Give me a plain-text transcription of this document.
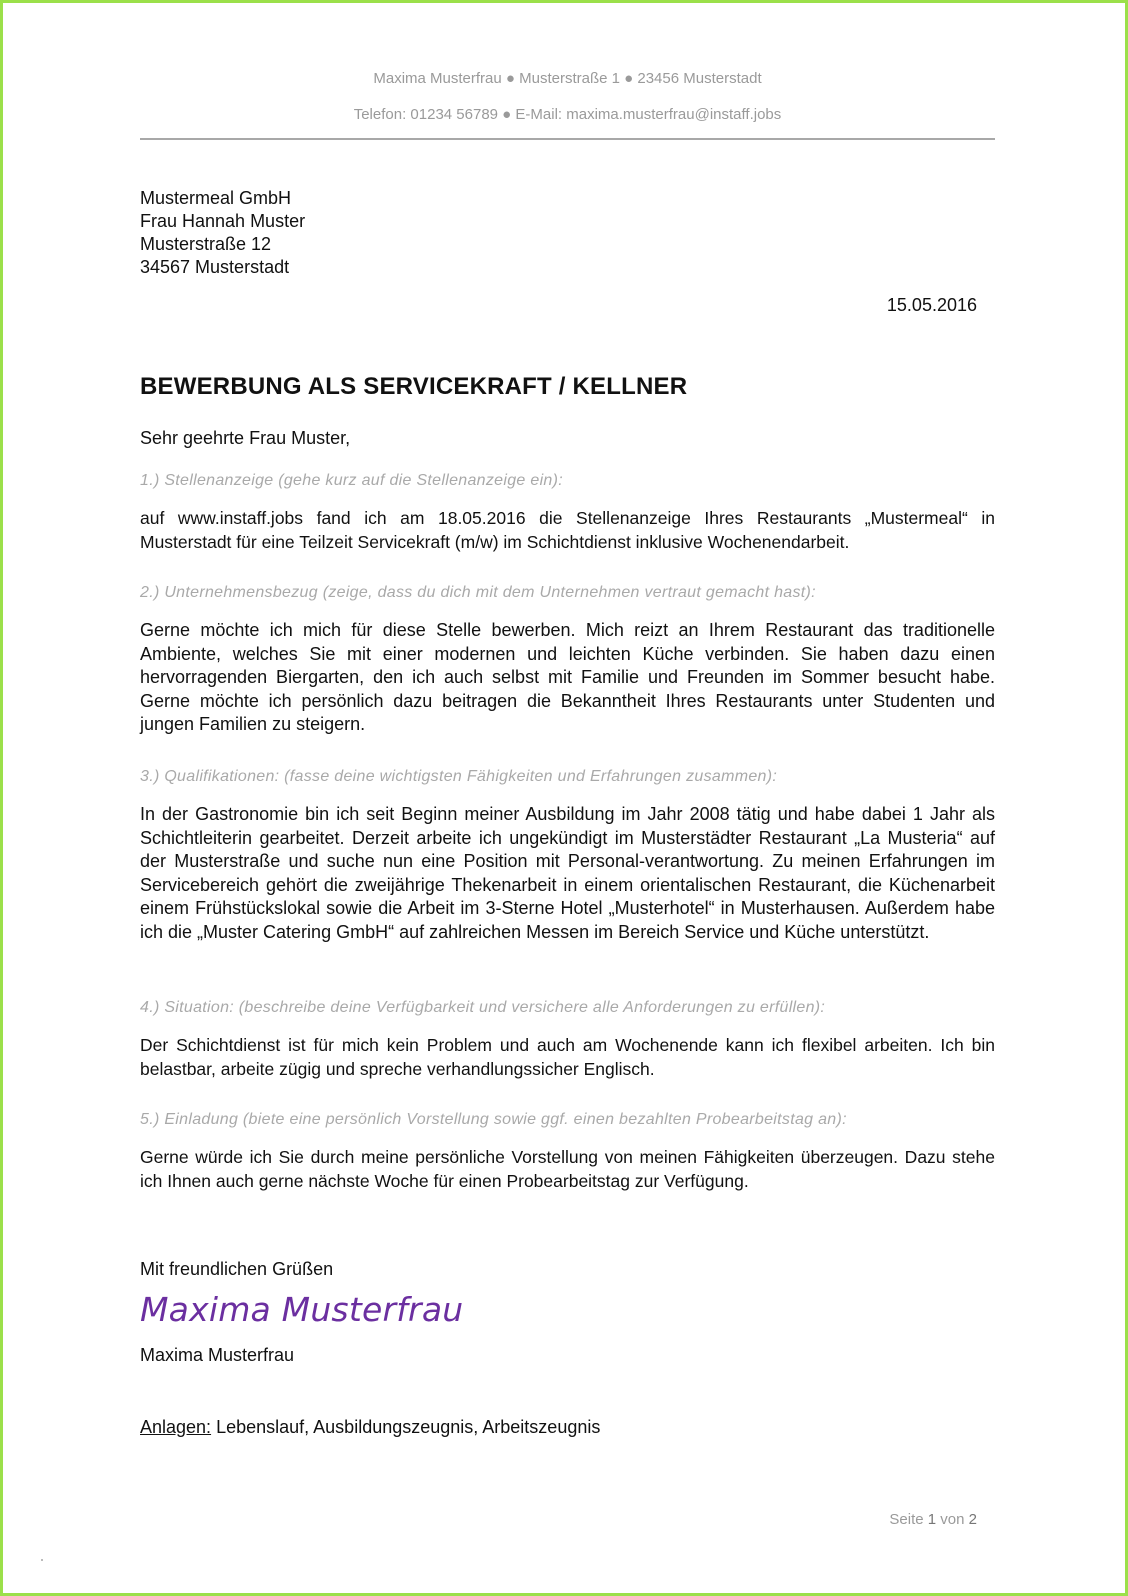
Maxima Musterfrau ● Musterstraße 1 ● 23456 Musterstadt
Telefon: 01234 56789 ● E-Mail: maxima.musterfrau@instaff.jobs
Mustermeal GmbH
Frau Hannah Muster
Musterstraße 12
34567 Musterstadt
15.05.2016
BEWERBUNG ALS SERVICEKRAFT / KELLNER
Sehr geehrte Frau Muster,

1.) Stellenanzeige (gehe kurz auf die Stellenanzeige ein):

auf www.instaff.jobs fand ich am 18.05.2016 die Stellenanzeige Ihres Restaurants „Mustermeal“ in Musterstadt für eine Teilzeit Servicekraft (m/w) im Schichtdienst inklusive Wochenendarbeit.

2.) Unternehmensbezug (zeige, dass du dich mit dem Unternehmen vertraut gemacht hast):

Gerne möchte ich mich für diese Stelle bewerben. Mich reizt an Ihrem Restaurant das traditionelle Ambiente, welches Sie mit einer modernen und leichten Küche verbinden. Sie haben dazu einen hervorragenden Biergarten, den ich auch selbst mit Familie und Freunden im Sommer besucht habe. Gerne möchte ich persönlich dazu beitragen die Bekanntheit Ihres Restaurants unter Studenten und jungen Familien zu steigern.

3.) Qualifikationen: (fasse deine wichtigsten Fähigkeiten und Erfahrungen zusammen):

In der Gastronomie bin ich seit Beginn meiner Ausbildung im Jahr 2008 tätig und habe dabei 1 Jahr als Schichtleiterin gearbeitet. Derzeit arbeite ich ungekündigt im Musterstädter Restaurant „La Musteria“ auf der Musterstraße und suche nun eine Position mit Personal-verantwortung. Zu meinen Erfahrungen im Servicebereich gehört die zweijährige Thekenarbeit in einem orientalischen Restaurant, die Küchenarbeit einem Frühstückslokal sowie die Arbeit im 3-Sterne Hotel „Musterhotel“ in Musterhausen. Außerdem habe ich die „Muster Catering GmbH“ auf zahlreichen Messen im Bereich Service und Küche unterstützt.

4.) Situation: (beschreibe deine Verfügbarkeit und versichere alle Anforderungen zu erfüllen):

Der Schichtdienst ist für mich kein Problem und auch am Wochenende kann ich flexibel arbeiten. Ich bin belastbar, arbeite zügig und spreche verhandlungssicher Englisch.

5.) Einladung (biete eine persönlich Vorstellung sowie ggf. einen bezahlten Probearbeitstag an):

Gerne würde ich Sie durch meine persönliche Vorstellung von meinen Fähigkeiten überzeugen. Dazu stehe ich Ihnen auch gerne nächste Woche für einen Probearbeitstag zur Verfügung.

Mit freundlichen Grüßen
Maxima Musterfrau
Maxima Musterfrau
Anlagen: Lebenslauf, Ausbildungszeugnis, Arbeitszeugnis
Seite 1 von 2
